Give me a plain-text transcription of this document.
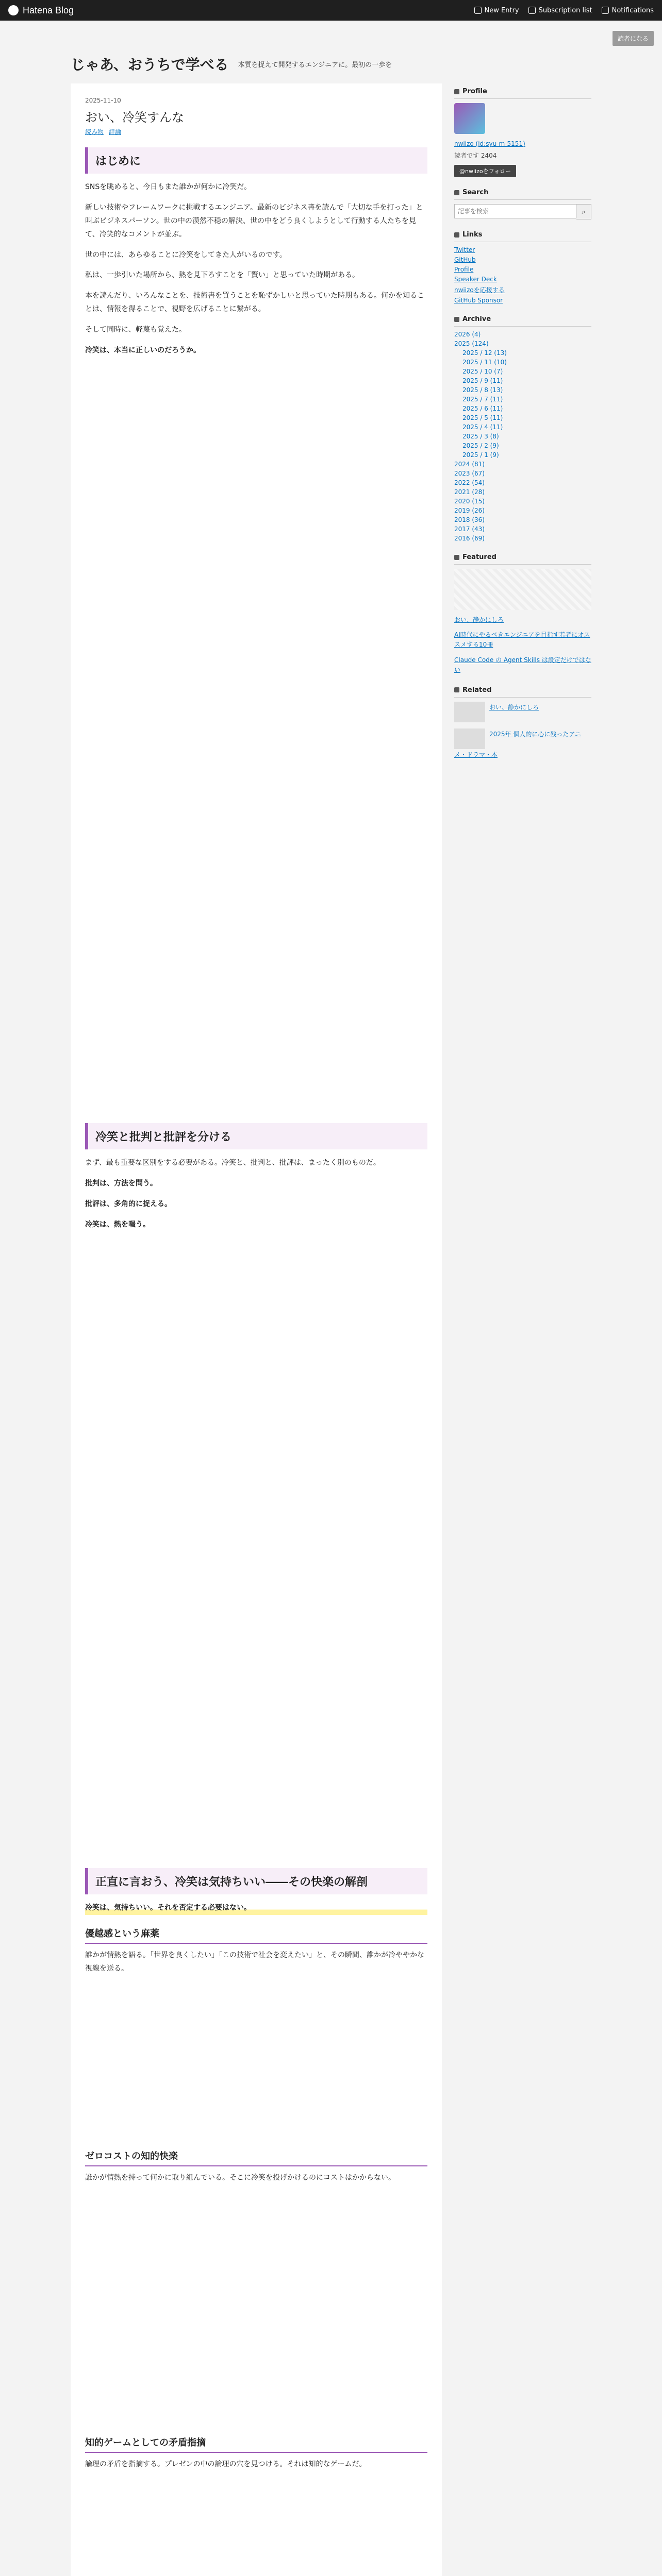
Hatena Blog	New Entry	Subscription list	Notifications
読者になる
じゃあ、おうちで学べる 本質を捉えて開発するエンジニアに。最初の一歩を
2025-11-10
おい、冷笑すんな
読み物 評論
はじめに

SNSを眺めると、今日もまた誰かが何かに冷笑だ。

新しい技術やフレームワークに挑戦するエンジニア。最新のビジネス書を読んで「大切な手を打った」と叫ぶビジネスパーソン。世の中の漠然不穏の解決、世の中をどう良くしようとして行動する人たちを見て、冷笑的なコメントが並ぶ。

世の中には、あらゆることに冷笑をしてきた人がいるのです。

私は、一歩引いた場所から、熱を見下ろすことを「賢い」と思っていた時期がある。

本を読んだり、いろんなことを、技術書を買うことを恥ずかしいと思っていた時期もある。何かを知ることは、情報を得ることで、視野を広げることに繋がる。

そして同時に、軽蔑も覚えた。

冷笑は、本当に正しいのだろうか。

冷笑と批判と批評を分ける

まず、最も重要な区別をする必要がある。冷笑と、批判と、批評は、まったく別のものだ。

批判は、方法を問う。

批評は、多角的に捉える。

冷笑は、熱を嗤う。

正直に言おう、冷笑は気持ちいい——その快楽の解剖

冷笑は、気持ちいい。それを否定する必要はない。

優越感という麻薬

誰かが情熱を語る。「世界を良くしたい」「この技術で社会を変えたい」と、その瞬間、誰かが冷ややかな視線を送る。

ゼロコストの知的快楽

誰かが情熱を持って何かに取り組んでいる。そこに冷笑を投げかけるのにコストはかからない。

知的ゲームとしての矛盾指摘

論理の矛盾を指摘する。プレゼンの中の論理の穴を見つける。それは知的なゲームだ。

Profile
nwiizo (id:syu-m-5151)
読者です 2404
@nwiizoをフォロー
Search
記事を検索
⌕
Links
Twitter
GitHub
Profile
Speaker Deck
nwiizoを応援する
GitHub Sponsor
Archive
2026 (4)
2025 (124)
2025 / 12 (13)
2025 / 11 (10)
2025 / 10 (7)
2025 / 9 (11)
2025 / 8 (13)
2025 / 7 (11)
2025 / 6 (11)
2025 / 5 (11)
2025 / 4 (11)
2025 / 3 (8)
2025 / 2 (9)
2025 / 1 (9)
2024 (81)
2023 (67)
2022 (54)
2021 (28)
2020 (15)
2019 (26)
2018 (36)
2017 (43)
2016 (69)
Featured
おい、静かにしろ
AI時代にやるべきエンジニアを目指す若者にオススメする10冊
Claude Code の Agent Skills は設定だけではない
Related
おい、静かにしろ
2025年 個人的に心に残ったアニメ・ドラマ・本
